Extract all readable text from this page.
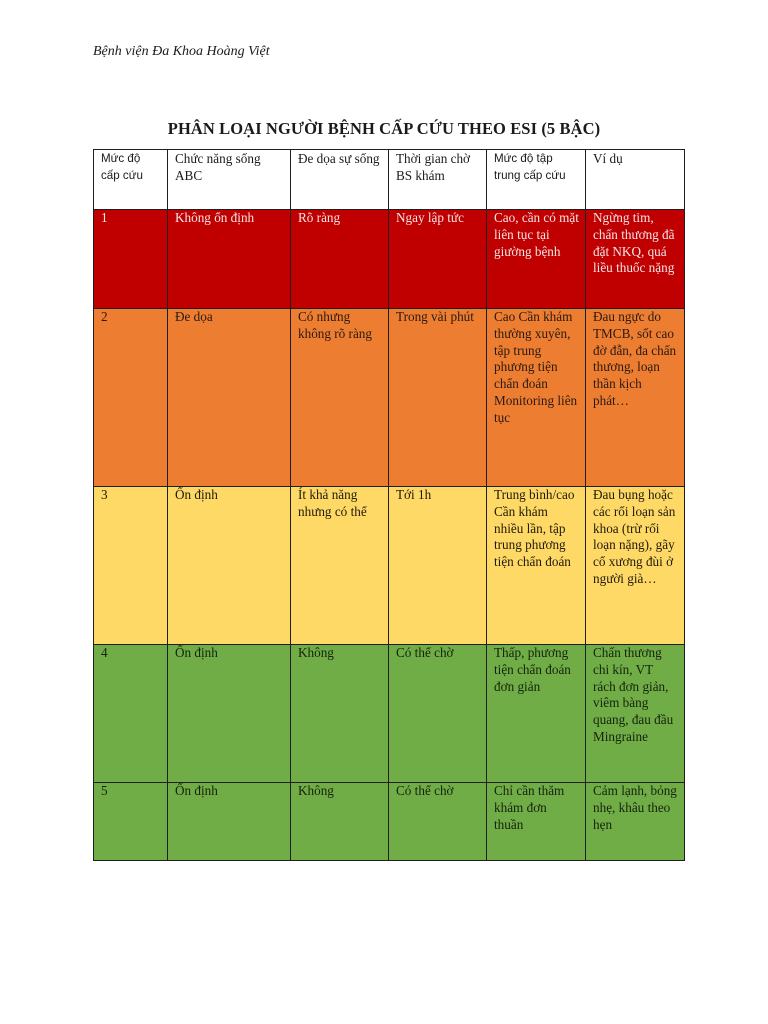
Bệnh viện Đa Khoa Hoàng Việt
PHÂN LOẠI NGƯỜI BỆNH CẤP CỨU THEO ESI (5 BẬC)
Mức độ cấp cứu	Chức năng sống ABC	Đe dọa sự sống	Thời gian chờ BS khám	Mức độ tập trung cấp cứu	Ví dụ
1	Không ổn định	Rõ ràng	Ngay lập tức	Cao, cần có mặt liên tục tại giường bệnh	Ngừng tim, chấn thương đã đặt NKQ, quá liều thuốc nặng
2	Đe dọa	Có nhưng không rõ ràng	Trong vài phút	Cao Cần khám thường xuyên, tập trung phương tiện chẩn đoán Monitoring liên tục	Đau ngực do TMCB, sốt cao đờ đẫn, đa chấn thương, loạn thần kịch phát…
3	Ổn định	Ít khả năng nhưng có thể	Tới 1h	Trung bình/cao Cần khám nhiều lần, tập trung phương tiện chẩn đoán	Đau bụng hoặc các rối loạn sản khoa (trừ rối loạn nặng), gãy cổ xương đùi ở người già…
4	Ổn định	Không	Có thể chờ	Thấp, phương tiện chẩn đoán đơn giản	Chấn thương chi kín, VT rách đơn giản, viêm bàng quang, đau đầu Mingraine
5	Ổn định	Không	Có thể chờ	Chỉ cần thăm khám đơn thuần	Cảm lạnh, bỏng nhẹ, khâu theo hẹn
